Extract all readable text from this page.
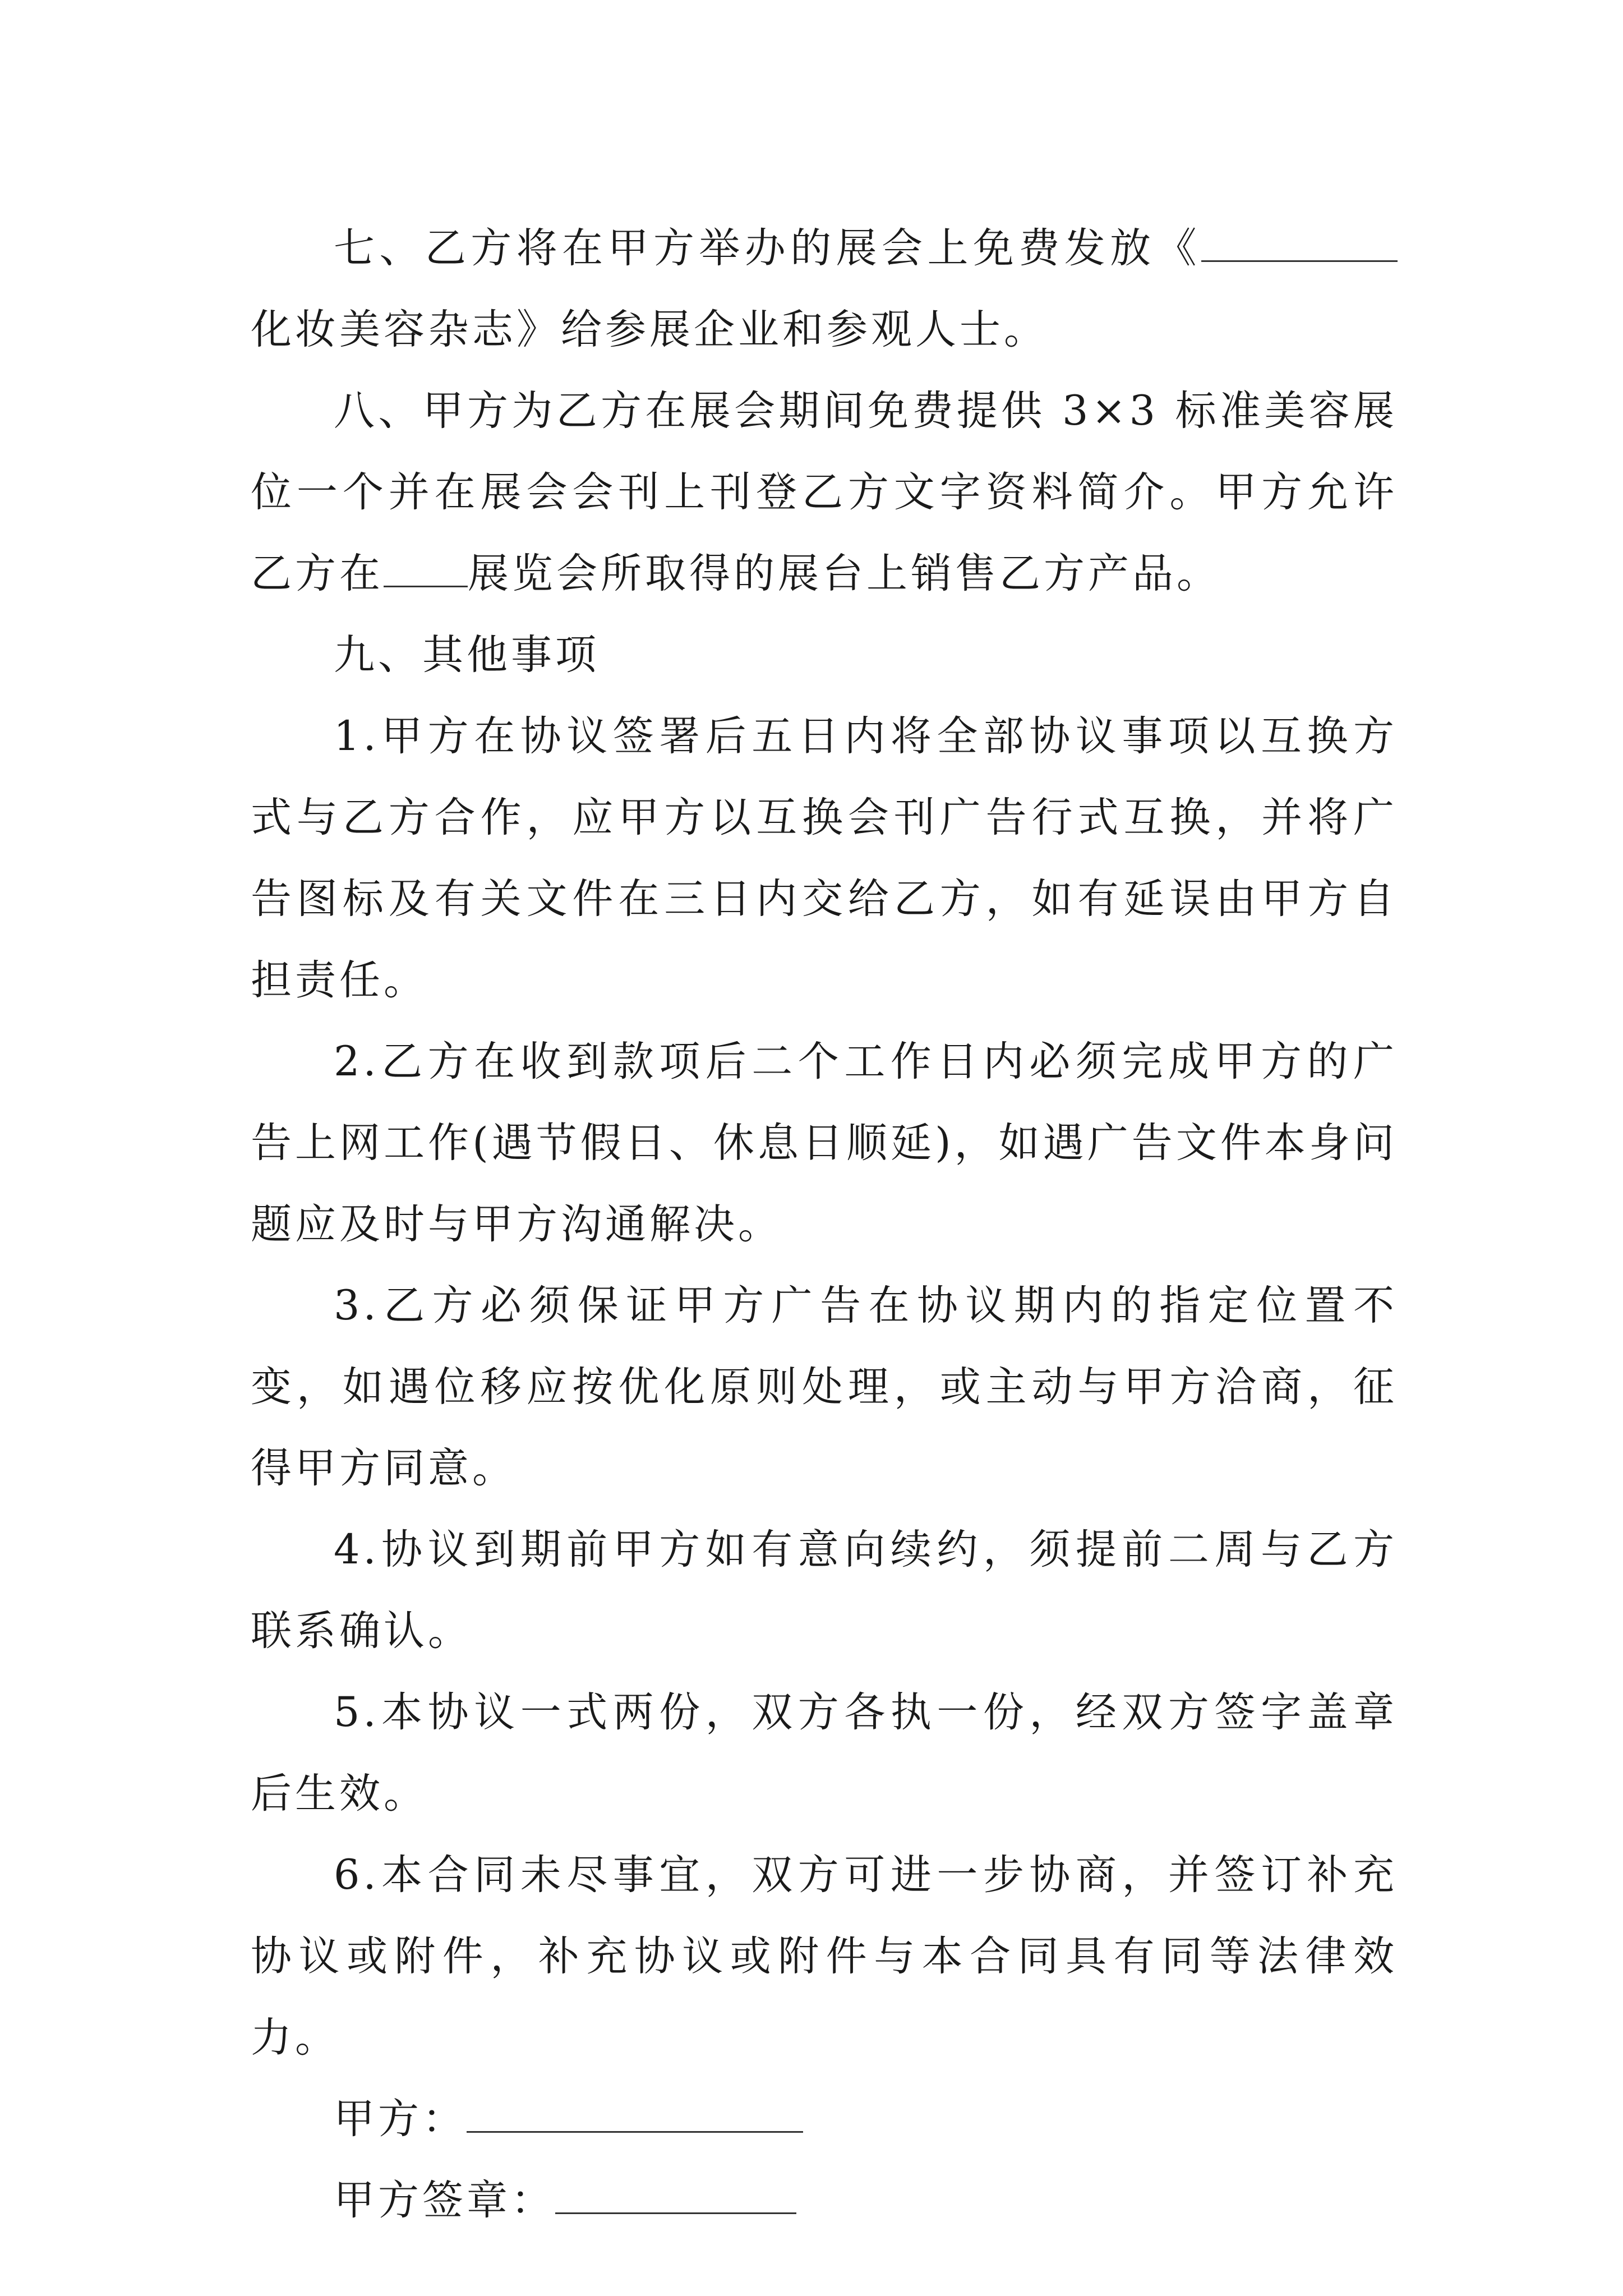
七、乙方将在甲方举办的展会上免费发放《化妆美容杂志》给参展企业和参观人士。

八、甲方为乙方在展会期间免费提供 3×3 标准美容展位一个并在展会会刊上刊登乙方文字资料简介。甲方允许乙方在 展览会所取得的展台上销售乙方产品。

九、其他事项

1.甲方在协议签署后五日内将全部协议事项以互换方式与乙方合作，应甲方以互换会刊广告行式互换，并将广告图标及有关文件在三日内交给乙方，如有延误由甲方自担责任。

2.乙方在收到款项后二个工作日内必须完成甲方的广告上网工作(遇节假日、休息日顺延)，如遇广告文件本身问题应及时与甲方沟通解决。

3.乙方必须保证甲方广告在协议期内的指定位置不变，如遇位移应按优化原则处理，或主动与甲方洽商，征得甲方同意。

4.协议到期前甲方如有意向续约，须提前二周与乙方联系确认。

5.本协议一式两份，双方各执一份，经双方签字盖章后生效。

6.本合同未尽事宜，双方可进一步协商，并签订补充协议或附件，补充协议或附件与本合同具有同等法律效力。

甲方：

甲方签章：
